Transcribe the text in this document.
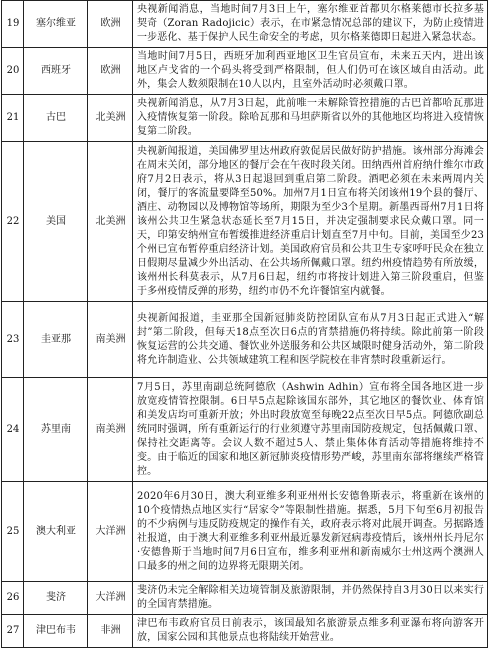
19	塞尔维亚	欧洲	央视新闻消息，当地时间7月3日上午，塞尔维亚首都贝尔格莱德市长拉多基契奇（Zoran Radojicic）表示，在市紧急情况总部的建议下，为防止疫情进一步恶化、基于保护人民生命安全的考虑，贝尔格莱德即日起进入紧急状态。
20	西班牙	欧洲	当地时间7月5日，西班牙加利西亚地区卫生官员宣布，未来五天内，进出该地区卢戈省的一个码头将受到严格限制，但人们仍可在该区域自由活动。此外，集会人数须限制在10人以内，且室外活动时必须戴口罩。
21	古巴	北美洲	央视新闻消息，从7月3日起，此前唯一未解除管控措施的古巴首都哈瓦那进入疫情恢复第一阶段。除哈瓦那和马坦萨斯省以外的其他地区均将进入疫情恢复第二阶段。
22	美国	北美洲	央视新闻报道，美国佛罗里达州政府敦促居民做好防护措施。该州部分海滩会在周末关闭，部分地区的餐厅会在午夜时段关闭。田纳西州首府纳什维尔市政府7月2日表示，将从3日起退回到重启第二阶段。酒吧必须在未来两周内关闭，餐厅的客流量要降至50%。加州7月1日宣布将关闭该州19个县的餐厅、酒庄、动物园以及博物馆等场所，期限为至少3个星期。新墨西哥州7月1日将该州公共卫生紧急状态延长至7月15日，并决定强制要求民众戴口罩。同一天，印第安纳州宣布暂缓推进经济重启计划直至7月中旬。目前，美国至少23个州已宣布暂停重启经济计划。美国政府官员和公共卫生专家呼吁民众在独立日假期尽量减少外出活动、在公共场所佩戴口罩。纽约州疫情趋势有所放缓，该州州长科莫表示，从7月6日起，纽约市将按计划进入第三阶段重启，但鉴于多州疫情反弹的形势，纽约市仍不允许餐馆室内就餐。
23	圭亚那	南美洲	央视新闻报道，圭亚那全国新冠肺炎防控团队宣布从7月3日起正式进入“解封”第二阶段，但每天18点至次日6点的宵禁措施仍将持续。除此前第一阶段恢复运营的公共交通、餐饮业外送服务和公共区域限时健身活动外，第二阶段将允许制造业、公共领域建筑工程和医学院校在非宵禁时段重新运行。
24	苏里南	南美洲	7月5日，苏里南副总统阿德欣（Ashwin Adhin）宣布将全国各地区进一步放宽疫情管控限制。6日早5点起除该国东部外，其它地区的餐饮业、体育馆和美发店均可重新开放；外出时段放宽至每晚22点至次日早5点。阿德欣副总统同时强调，所有重新运行的行业须遵守苏里南国防疫规定，包括佩戴口罩、保持社交距离等。会议人数不超过5人、禁止集体体育活动等措施将维持不变。由于临近的国家和地区新冠肺炎疫情形势严峻，苏里南东部将继续严格管控。
25	澳大利亚	大洋洲	2020年6月30日，澳大利亚维多利亚州州长安德鲁斯表示，将重新在该州的10个疫情热点地区实行“居家令”等限制性措施。据悉，5月下旬至6月初报告的不少病例与违反防疫规定的操作有关，政府表示将对此展开调查。另据路透社报道，由于澳大利亚维多利亚州最近暴发新冠病毒疫情后，该州州长丹尼尔·安德鲁斯于当地时间7月6日宣布，维多利亚州和新南威尔士州这两个澳洲人口最多的州之间的边界将无限期关闭。
26	斐济	大洋洲	斐济仍未完全解除相关边境管制及旅游限制，并仍然保持自3月30日以来实行的全国宵禁措施。
27	津巴布韦	非洲	津巴布韦政府官员日前表示，该国最知名旅游景点维多利亚瀑布将向游客开放，国家公园和其他景点也将陆续开始营业。
